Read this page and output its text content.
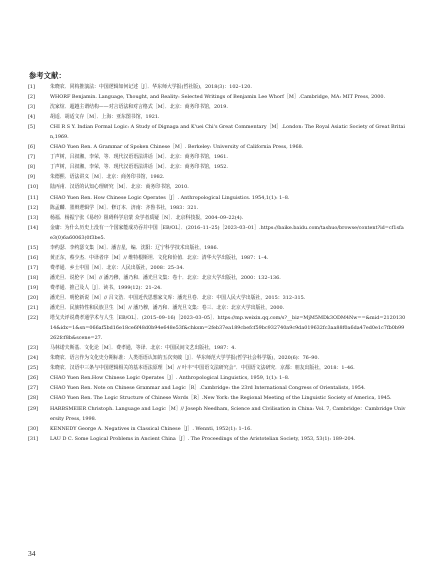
参考文献：
[1]	朱晓农．同构推演法：中国逻辑如何记述［J］．华东师大学报(哲社版)，2018(3)：102–120.
[2]	WHORF Benjamin. Language, Thought, and Reality: Selected Writings of Benjamin Lee Whorf［M］.Cambridge, MA: MIT Press, 2000.
[3]	沈家煊．超越主谓结构——对言语法和对言格式［M］．北京：商务印书馆，2019.
[4]	胡适．胡适文存［M］．上海：亚东图书馆，1921.
[5]	CHI R S Y. Indian Formal Logic: A Study of Dignaga and K'uei Chi's Great Commentary［M］.London: The Royal Asiatic Society of Great Britain,1969.
[6]	CHAO Yuen Ren. A Grammar of Spoken Chinese［M］. Berkeley: University of California Press, 1968.
[7]	丁声树，吕叔湘，李荣，等．现代汉语语法讲话［M］．北京：商务印书馆，1961.
[8]	丁声树，吕叔湘，李荣，等．现代汉语语法讲话［M］．北京：商务印书馆，1952.
[9]	朱德熙．语法讲义［M］．北京：商务印书馆，1982.
[10] 陆丙甫．汉语的认知心理研究［M］．北京：商务印书馆，2010.
[11] CHAO Yuen Ren. How Chinese Logic Operates［J］. Anthropological Linguistics. 1954,1(1): 1–8.
[12] 陈孟麟．墨辩逻辑学［M］．修订本．济南：齐鲁书社，1983：321.
[13] 杨福．杨振宁张《易经》阻碍科学启蒙 众学者质疑［N］．北京科技报，2004–09–22(4).
[14] 金庸：为什么历史上没有一个国家能成功吞并中国［EB/OL］．(2016–11–25)［2023–03–01］.https://baike.baidu.com/tashuo/browse/content?id=cf1sfae3(0)6a60063(0f3be5.
[15] 李约瑟．李约瑟文集［M］．潘吉星，编．沈阳：辽宁科学技术出版社，1986.
[16] 黄正东，蔡少杰．中译者序［M］// 维特根斯坦．文化和价值．北京：清华大学出版社，1987：1–4.
[17] 费孝通．乡土中国［M］．北京：人民出版社，2008：25–34.
[18] 潘光旦．说伦字［M］// 潘乃穆，潘乃和．潘光旦文集：卷十．北京：北京大学出版社，2000：132–136.
[19] 费孝通．推己及人［J］．读书，1999(12)：21–24.
[20] 潘光旦．明伦新说［M］// 吕文浩．中国近代思想家文库：潘光旦卷．北京：中国人民大学出版社，2015：312–315.
[21] 潘光旦．民族特性和民族卫生［M］// 潘乃穆，潘乃和．潘光旦文集：卷三．北京：北京大学出版社，2000.
[22] 塔戈夫评说费孝通学术与人生［EB/OL］．(2015–09–16)［2023–03–05］．https://mp.weixin.qq.com/s?__biz=MjM5MDk3ODM4Nw==&mid=212013014&idx=1&sn=066af5bd16e18ce6f48d0b94e648e53f&chksm=2feb37ea189cbefcf59bc932740a9c9da019632fc3aa88f0a6da47ed0e1c7fb0b99262fcf8b&scene=27.
[23] 马林诺夫斯基．文化论［M］．费孝通，等译．北京：中国民间文艺出版社，1987：4.
[24] 朱晓农．语言作为文化史分期标准：人类语语认知的五次突破［J］．华东师范大学学报(哲学社会科学版)，2020(6)：76–90.
[25] 朱晓农．汉语中三条与中国逻辑相关的基本语法原理［M］// 叶丰“中国语文法研究会”．中国语文法研究．京都：朋友出版社，2018：1–46.
[26] CHAO Yuen Ren.How Chinese Logic Operates［J］. Anthropological Linguistics, 1959, 1(1): 1–8.
[27] CHAO Yuen Ren. Note on Chinese Grammar and Logic［R］.Cambridge: the 23rd International Congress of Orientalists, 1954.
[28] CHAO Yuen Ren. The Logic Structure of Chinese Words［R］.New York: the Regional Meeting of the Linguistic Society of America, 1945.
[29] HARBSMEIER Christoph. Language and Logic［M］// Joseph Needham, Science and Civilisation in China: Vol. 7, Cambridge：Cambridge University Press, 1998.
[30] KENNEDY George A. Negatives in Classical Chinese［J］. Wennti, 1952(1): 1–16.
[31] LAU D C. Some Logical Problems in Ancient China［J］. The Proceedings of the Aristotelian Society, 1953, 53(1): 189–204.
34
